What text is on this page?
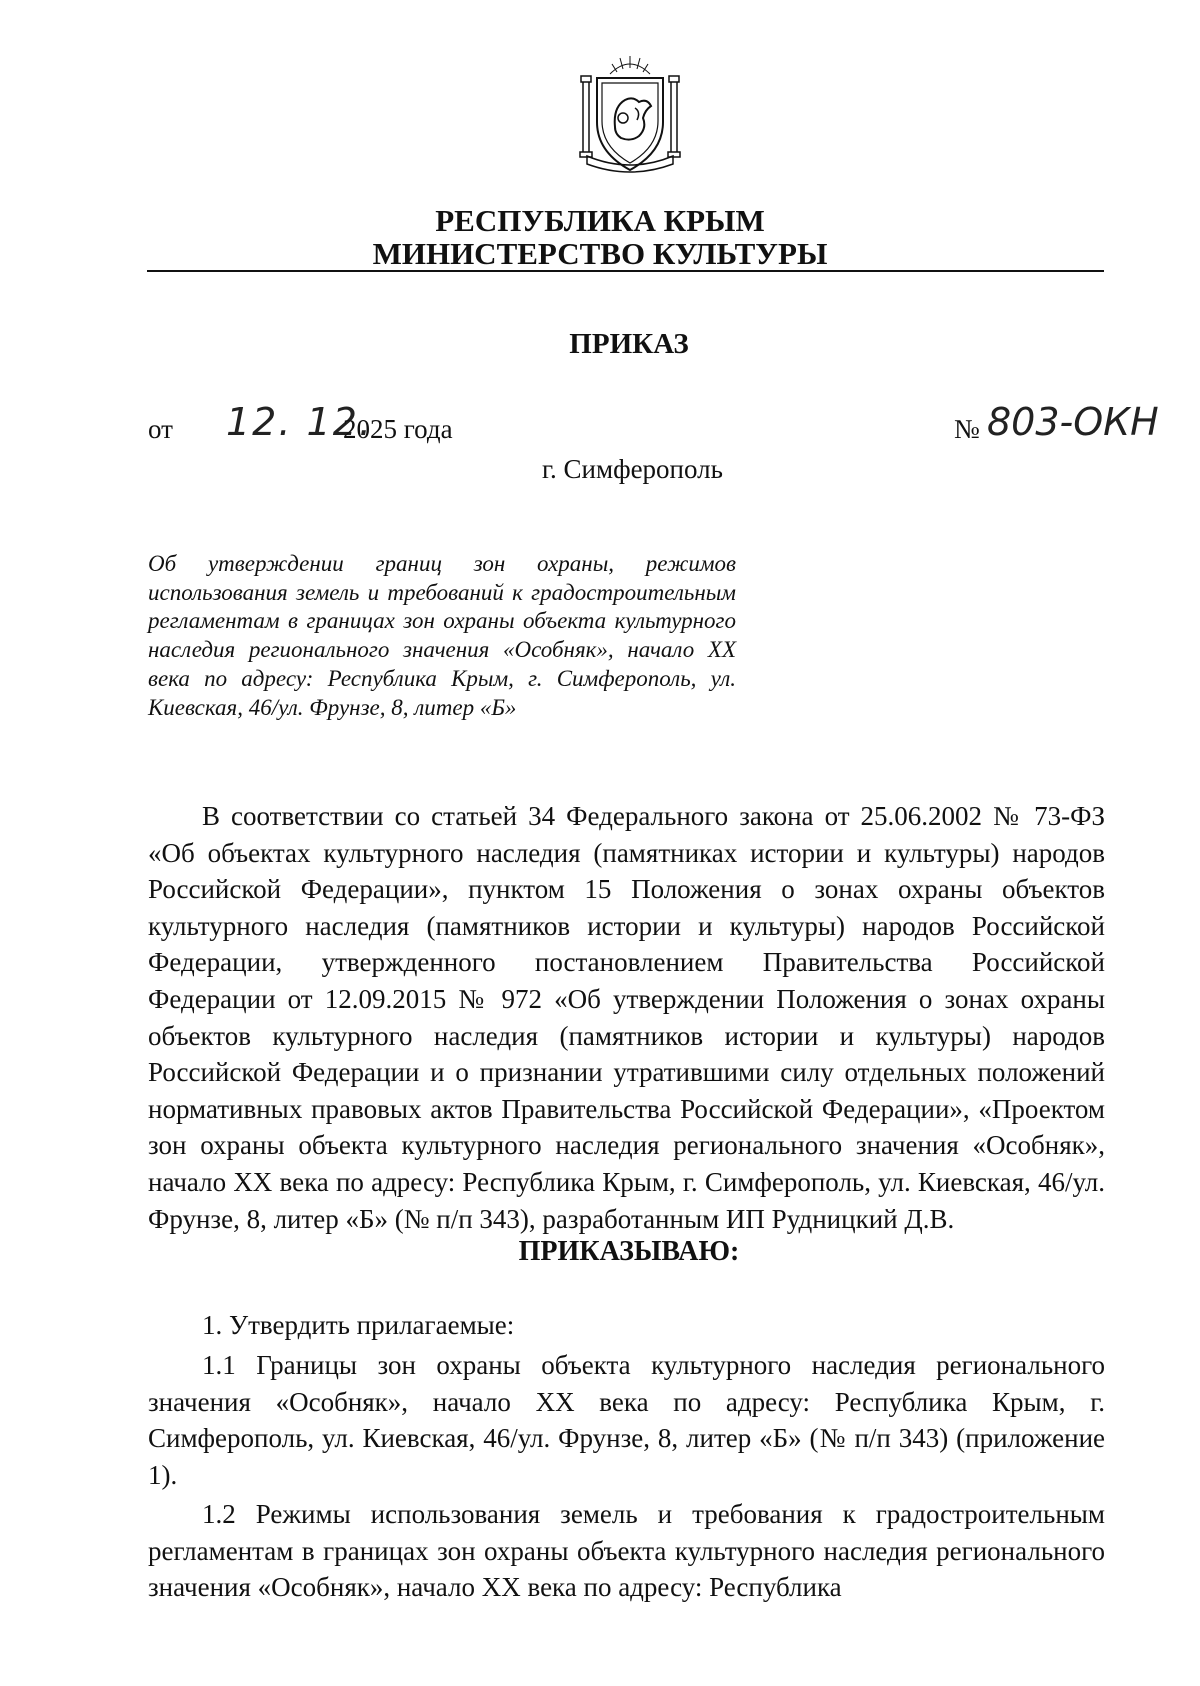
РЕСПУБЛИКА КРЫМ
МИНИСТЕРСТВО КУЛЬТУРЫ
ПРИКАЗ
от 12. 12.
2025 года	№ 803-ОКН
г. Симферополь
Об утверждении границ зон охраны, режимов использования земель и требований к градостроительным регламентам в границах зон охраны объекта культурного наследия регионального значения «Особняк», начало XX века по адресу: Республика Крым, г. Симферополь, ул. Киевская, 46/ул. Фрунзе, 8, литер «Б»

В соответствии со статьей 34 Федерального закона от 25.06.2002 № 73-ФЗ «Об объектах культурного наследия (памятниках истории и культуры) народов Российской Федерации», пунктом 15 Положения о зонах охраны объектов культурного наследия (памятников истории и культуры) народов Российской Федерации, утвержденного постановлением Правительства Российской Федерации от 12.09.2015 № 972 «Об утверждении Положения о зонах охраны объектов культурного наследия (памятников истории и культуры) народов Российской Федерации и о признании утратившими силу отдельных положений нормативных правовых актов Правительства Российской Федерации», «Проектом зон охраны объекта культурного наследия регионального значения «Особняк», начало XX века по адресу: Республика Крым, г. Симферополь, ул. Киевская, 46/ул. Фрунзе, 8, литер «Б» (№ п/п 343), разработанным ИП Рудницкий Д.В.

ПРИКАЗЫВАЮ:

1. Утвердить прилагаемые:

1.1 Границы зон охраны объекта культурного наследия регионального значения «Особняк», начало XX века по адресу: Республика Крым, г. Симферополь, ул. Киевская, 46/ул. Фрунзе, 8, литер «Б» (№ п/п 343) (приложение 1).

1.2 Режимы использования земель и требования к градостроительным регламентам в границах зон охраны объекта культурного наследия регионального значения «Особняк», начало XX века по адресу: Республика
